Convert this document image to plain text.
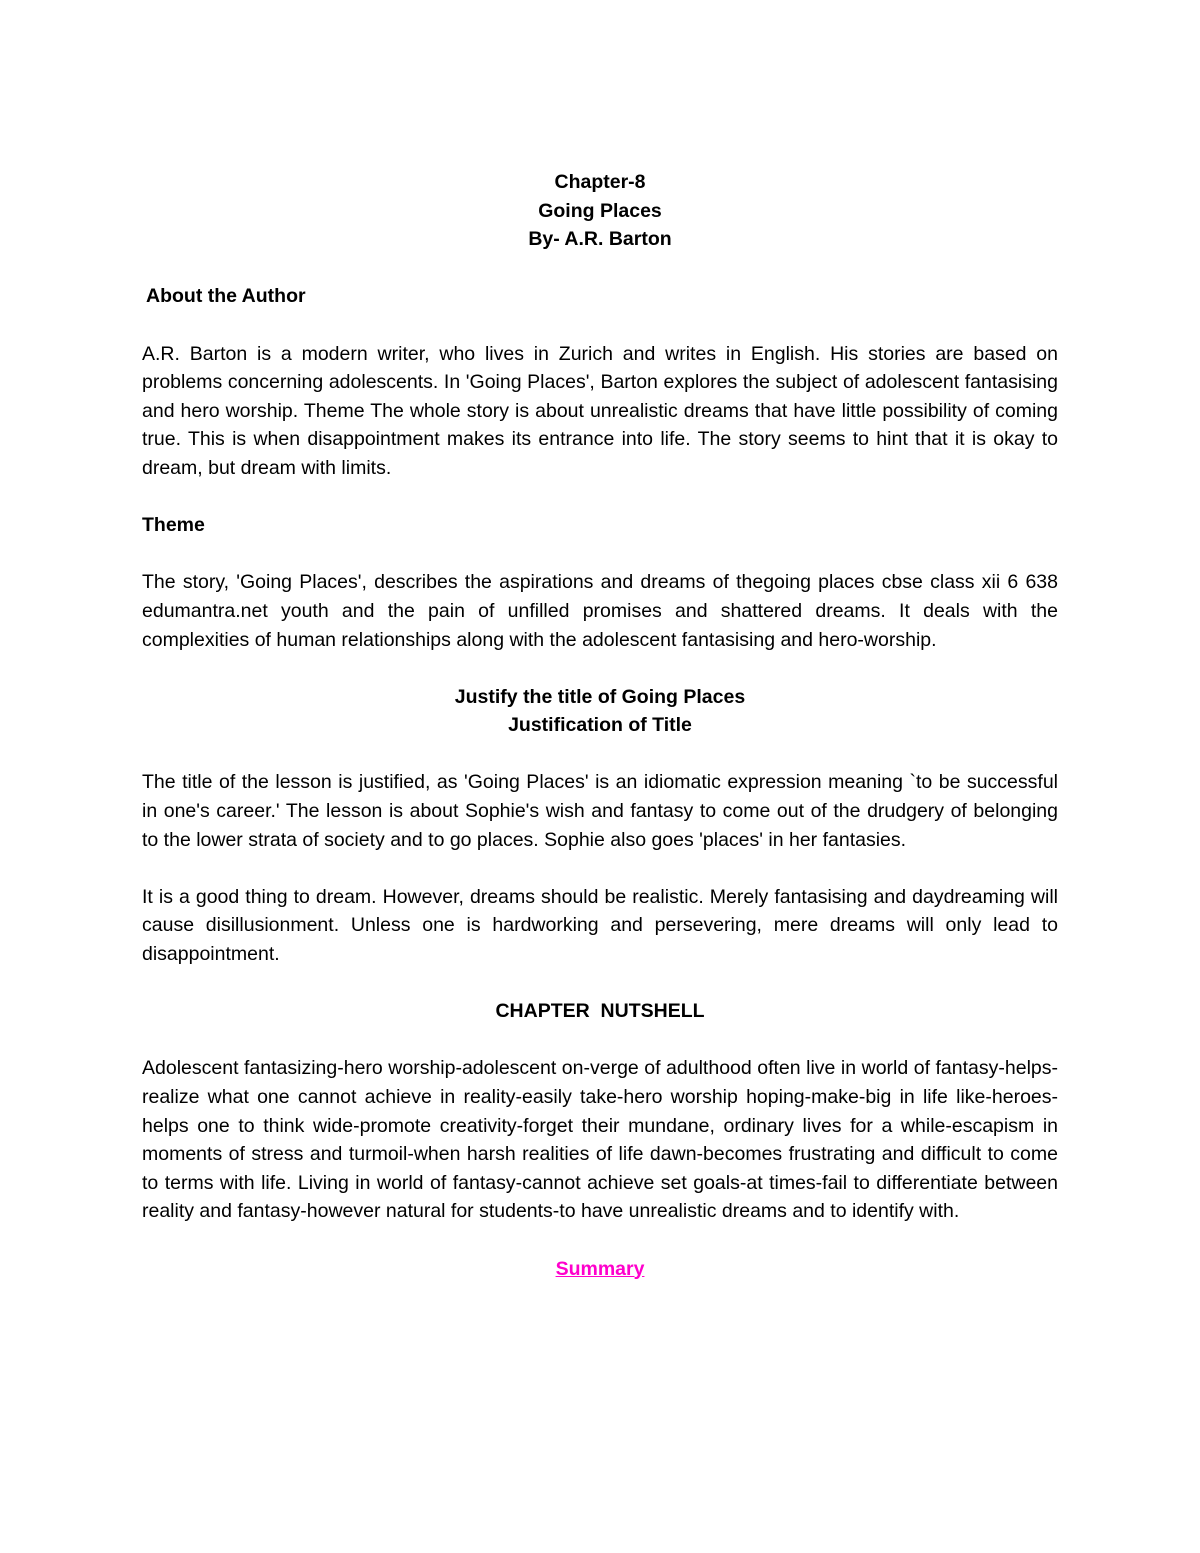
Chapter-8
Going Places
By- A.R. Barton
About the Author

A.R. Barton is a modern writer, who lives in Zurich and writes in English. His stories are based on problems concerning adolescents. In 'Going Places', Barton explores the subject of adolescent fantasising and hero worship. Theme The whole story is about unrealistic dreams that have little possibility of coming true. This is when disappointment makes its entrance into life. The story seems to hint that it is okay to dream, but dream with limits.

Theme

The story, 'Going Places', describes the aspirations and dreams of thegoing places cbse class xii 6 638 edumantra.net youth and the pain of unfilled promises and shattered dreams. It deals with the complexities of human relationships along with the adolescent fantasising and hero-worship.

Justify the title of Going Places
Justification of Title

The title of the lesson is justified, as 'Going Places' is an idiomatic expression meaning `to be successful in one's career.' The lesson is about Sophie's wish and fantasy to come out of the drudgery of belonging to the lower strata of society and to go places. Sophie also goes 'places' in her fantasies.

It is a good thing to dream. However, dreams should be realistic. Merely fantasising and daydreaming will cause disillusionment. Unless one is hardworking and persevering, mere dreams will only lead to disappointment.

CHAPTER  NUTSHELL

Adolescent fantasizing-hero worship-adolescent on-verge of adulthood often live in world of fantasy-helps-realize what one cannot achieve in reality-easily take-hero worship hoping-make-big in life like-heroes-helps one to think wide-promote creativity-forget their mundane, ordinary lives for a while-escapism in moments of stress and turmoil-when harsh realities of life dawn-becomes frustrating and difficult to come to terms with life. Living in world of fantasy-cannot achieve set goals-at times-fail to differentiate between reality and fantasy-however natural for students-to have unrealistic dreams and to identify with.

Summary
